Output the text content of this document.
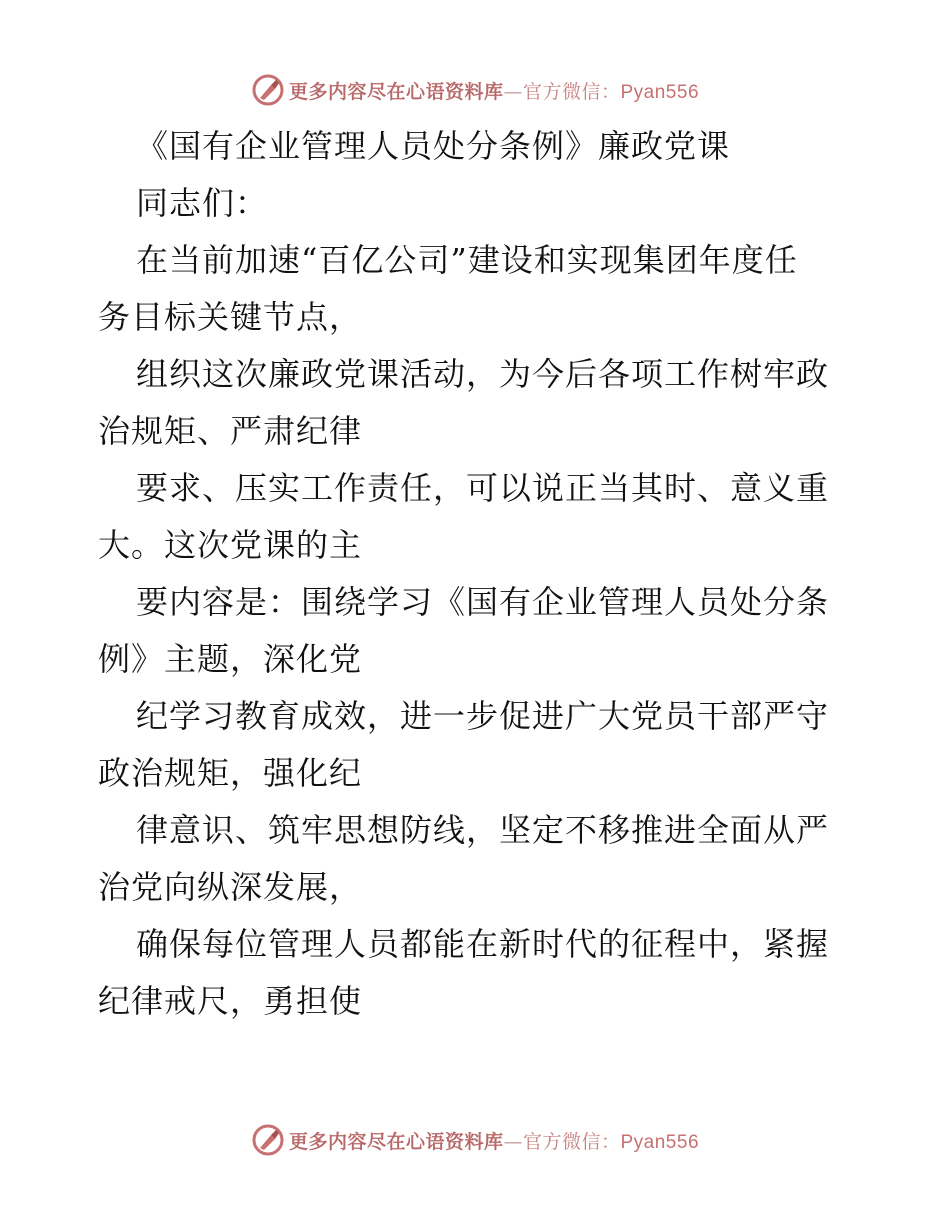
更多内容尽在心语资料库—官方微信：Pyan556
《国有企业管理人员处分条例》廉政党课
同志们：
在当前加速“百亿公司”建设和实现集团年度任
务目标关键节点，
组织这次廉政党课活动，为今后各项工作树牢政
治规矩、严肃纪律
要求、压实工作责任，可以说正当其时、意义重
大。这次党课的主
要内容是：围绕学习《国有企业管理人员处分条
例》主题，深化党
纪学习教育成效，进一步促进广大党员干部严守
政治规矩，强化纪
律意识、筑牢思想防线，坚定不移推进全面从严
治党向纵深发展，
确保每位管理人员都能在新时代的征程中，紧握
纪律戒尺，勇担使
更多内容尽在心语资料库—官方微信：Pyan556
